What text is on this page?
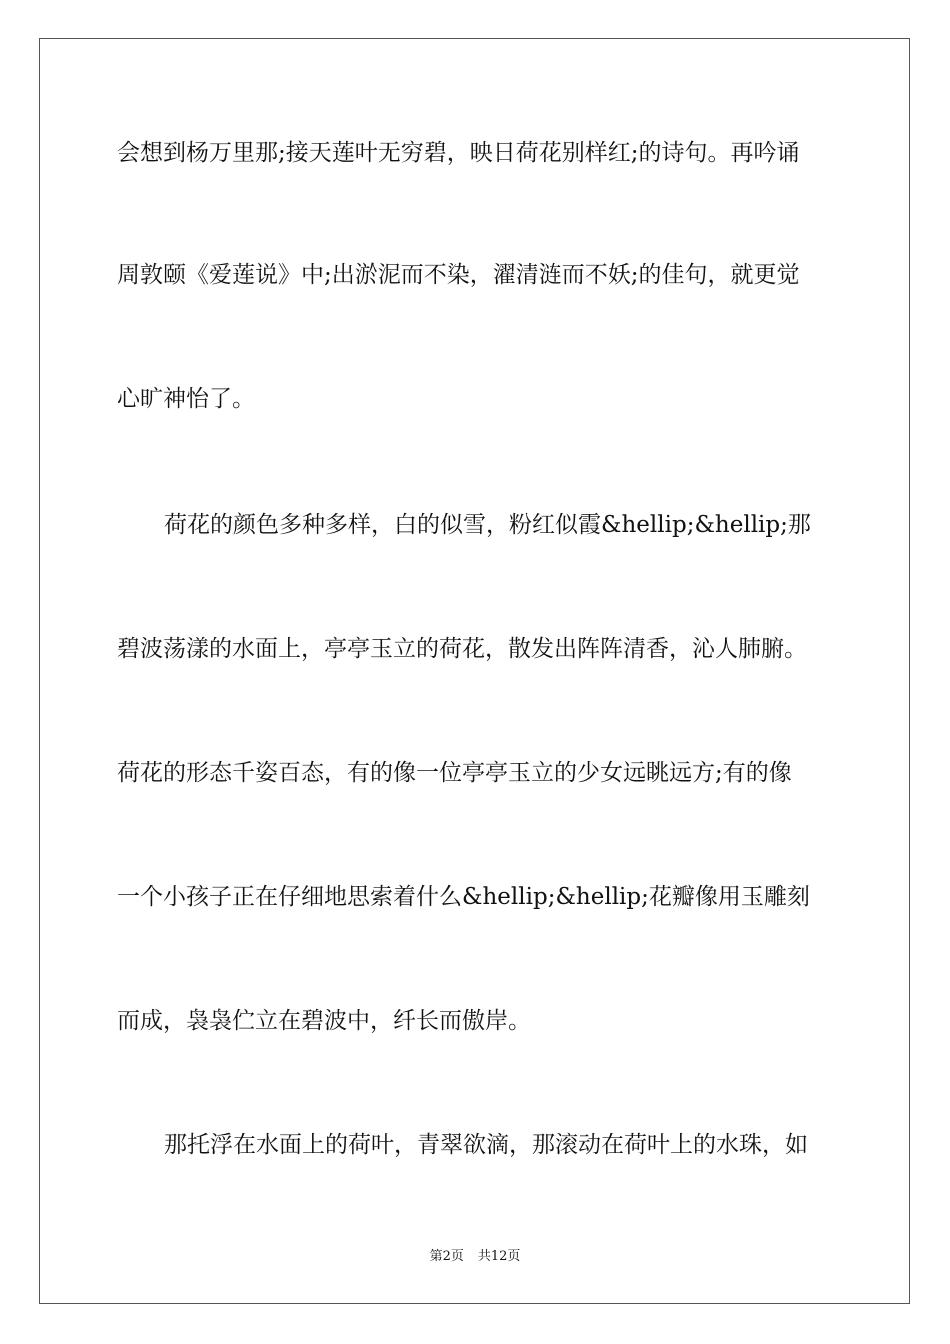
会想到杨万里那;接天莲叶无穷碧，映日荷花别样红;的诗句。再吟诵
周敦颐《爱莲说》中;出淤泥而不染，濯清涟而不妖;的佳句，就更觉
心旷神怡了。
荷花的颜色多种多样，白的似雪，粉红似霞&hellip;&hellip;那
碧波荡漾的水面上，亭亭玉立的荷花，散发出阵阵清香，沁人肺腑。
荷花的形态千姿百态，有的像一位亭亭玉立的少女远眺远方;有的像
一个小孩子正在仔细地思索着什么&hellip;&hellip;花瓣像用玉雕刻
而成，袅袅伫立在碧波中，纤长而傲岸。
那托浮在水面上的荷叶，青翠欲滴，那滚动在荷叶上的水珠，如
第2页 共12页
